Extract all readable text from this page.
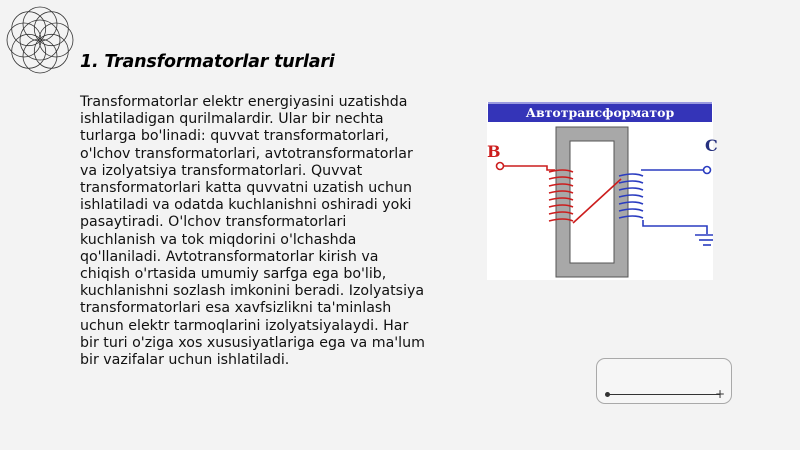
1. Transformatorlar turlari

Transformatorlar elektr energiyasini uzatishda ishlatiladigan qurilmalardir. Ular bir nechta turlarga bo'linadi: quvvat transformatorlari, o'lchov transformatorlari, avtotransformatorlar va izolyatsiya transformatorlari. Quvvat transformatorlari katta quvvatni uzatish uchun ishlatiladi va odatda kuchlanishni oshiradi yoki pasaytiradi. O'lchov transformatorlari kuchlanish va tok miqdorini o'lchashda qo'llaniladi. Avtotransformatorlar kirish va chiqish o'rtasida umumiy sarfga ega bo'lib, kuchlanishni sozlash imkonini beradi. Izolyatsiya transformatorlari esa xavfsizlikni ta'minlash uchun elektr tarmoqlarini izolyatsiyalaydi. Har bir turi o'ziga xos xususiyatlariga ega va ma'lum bir vazifalar uchun ishlatiladi.

Автотрансформатор
B	C
+
